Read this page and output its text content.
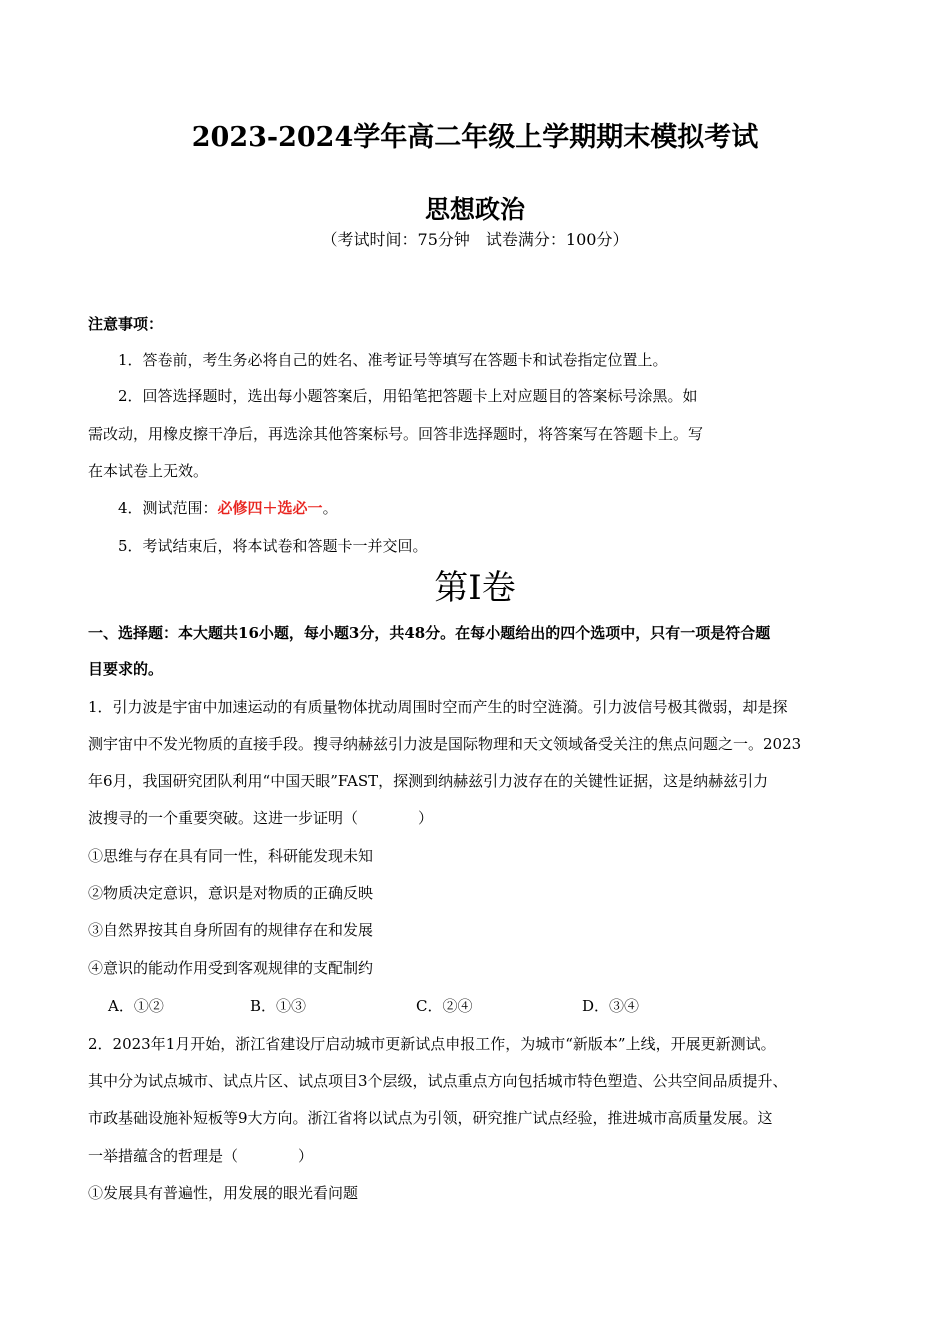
2023-2024学年高二年级上学期期末模拟考试
思想政治
（考试时间：75分钟　试卷满分：100分）
注意事项：
1．答卷前，考生务必将自己的姓名、准考证号等填写在答题卡和试卷指定位置上。
2．回答选择题时，选出每小题答案后，用铅笔把答题卡上对应题目的答案标号涂黑。如
需改动，用橡皮擦干净后，再选涂其他答案标号。回答非选择题时，将答案写在答题卡上。写
在本试卷上无效。
4．测试范围：必修四＋选必一。
5．考试结束后，将本试卷和答题卡一并交回。
第Ⅰ卷
一、选择题：本大题共16小题，每小题3分，共48分。在每小题给出的四个选项中，只有一项是符合题
目要求的。
1．引力波是宇宙中加速运动的有质量物体扰动周围时空而产生的时空涟漪。引力波信号极其微弱，却是探
测宇宙中不发光物质的直接手段。搜寻纳赫兹引力波是国际物理和天文领域备受关注的焦点问题之一。2023
年6月，我国研究团队利用“中国天眼”FAST，探测到纳赫兹引力波存在的关键性证据，这是纳赫兹引力
波搜寻的一个重要突破。这进一步证明（　　　　）
①思维与存在具有同一性，科研能发现未知
②物质决定意识，意识是对物质的正确反映
③自然界按其自身所固有的规律存在和发展
④意识的能动作用受到客观规律的支配制约
A．①②	B．①③	C．②④	D．③④
2．2023年1月开始，浙江省建设厅启动城市更新试点申报工作，为城市“新版本”上线，开展更新测试。
其中分为试点城市、试点片区、试点项目3个层级，试点重点方向包括城市特色塑造、公共空间品质提升、
市政基础设施补短板等9大方向。浙江省将以试点为引领，研究推广试点经验，推进城市高质量发展。这
一举措蕴含的哲理是（　　　　）
①发展具有普遍性，用发展的眼光看问题
